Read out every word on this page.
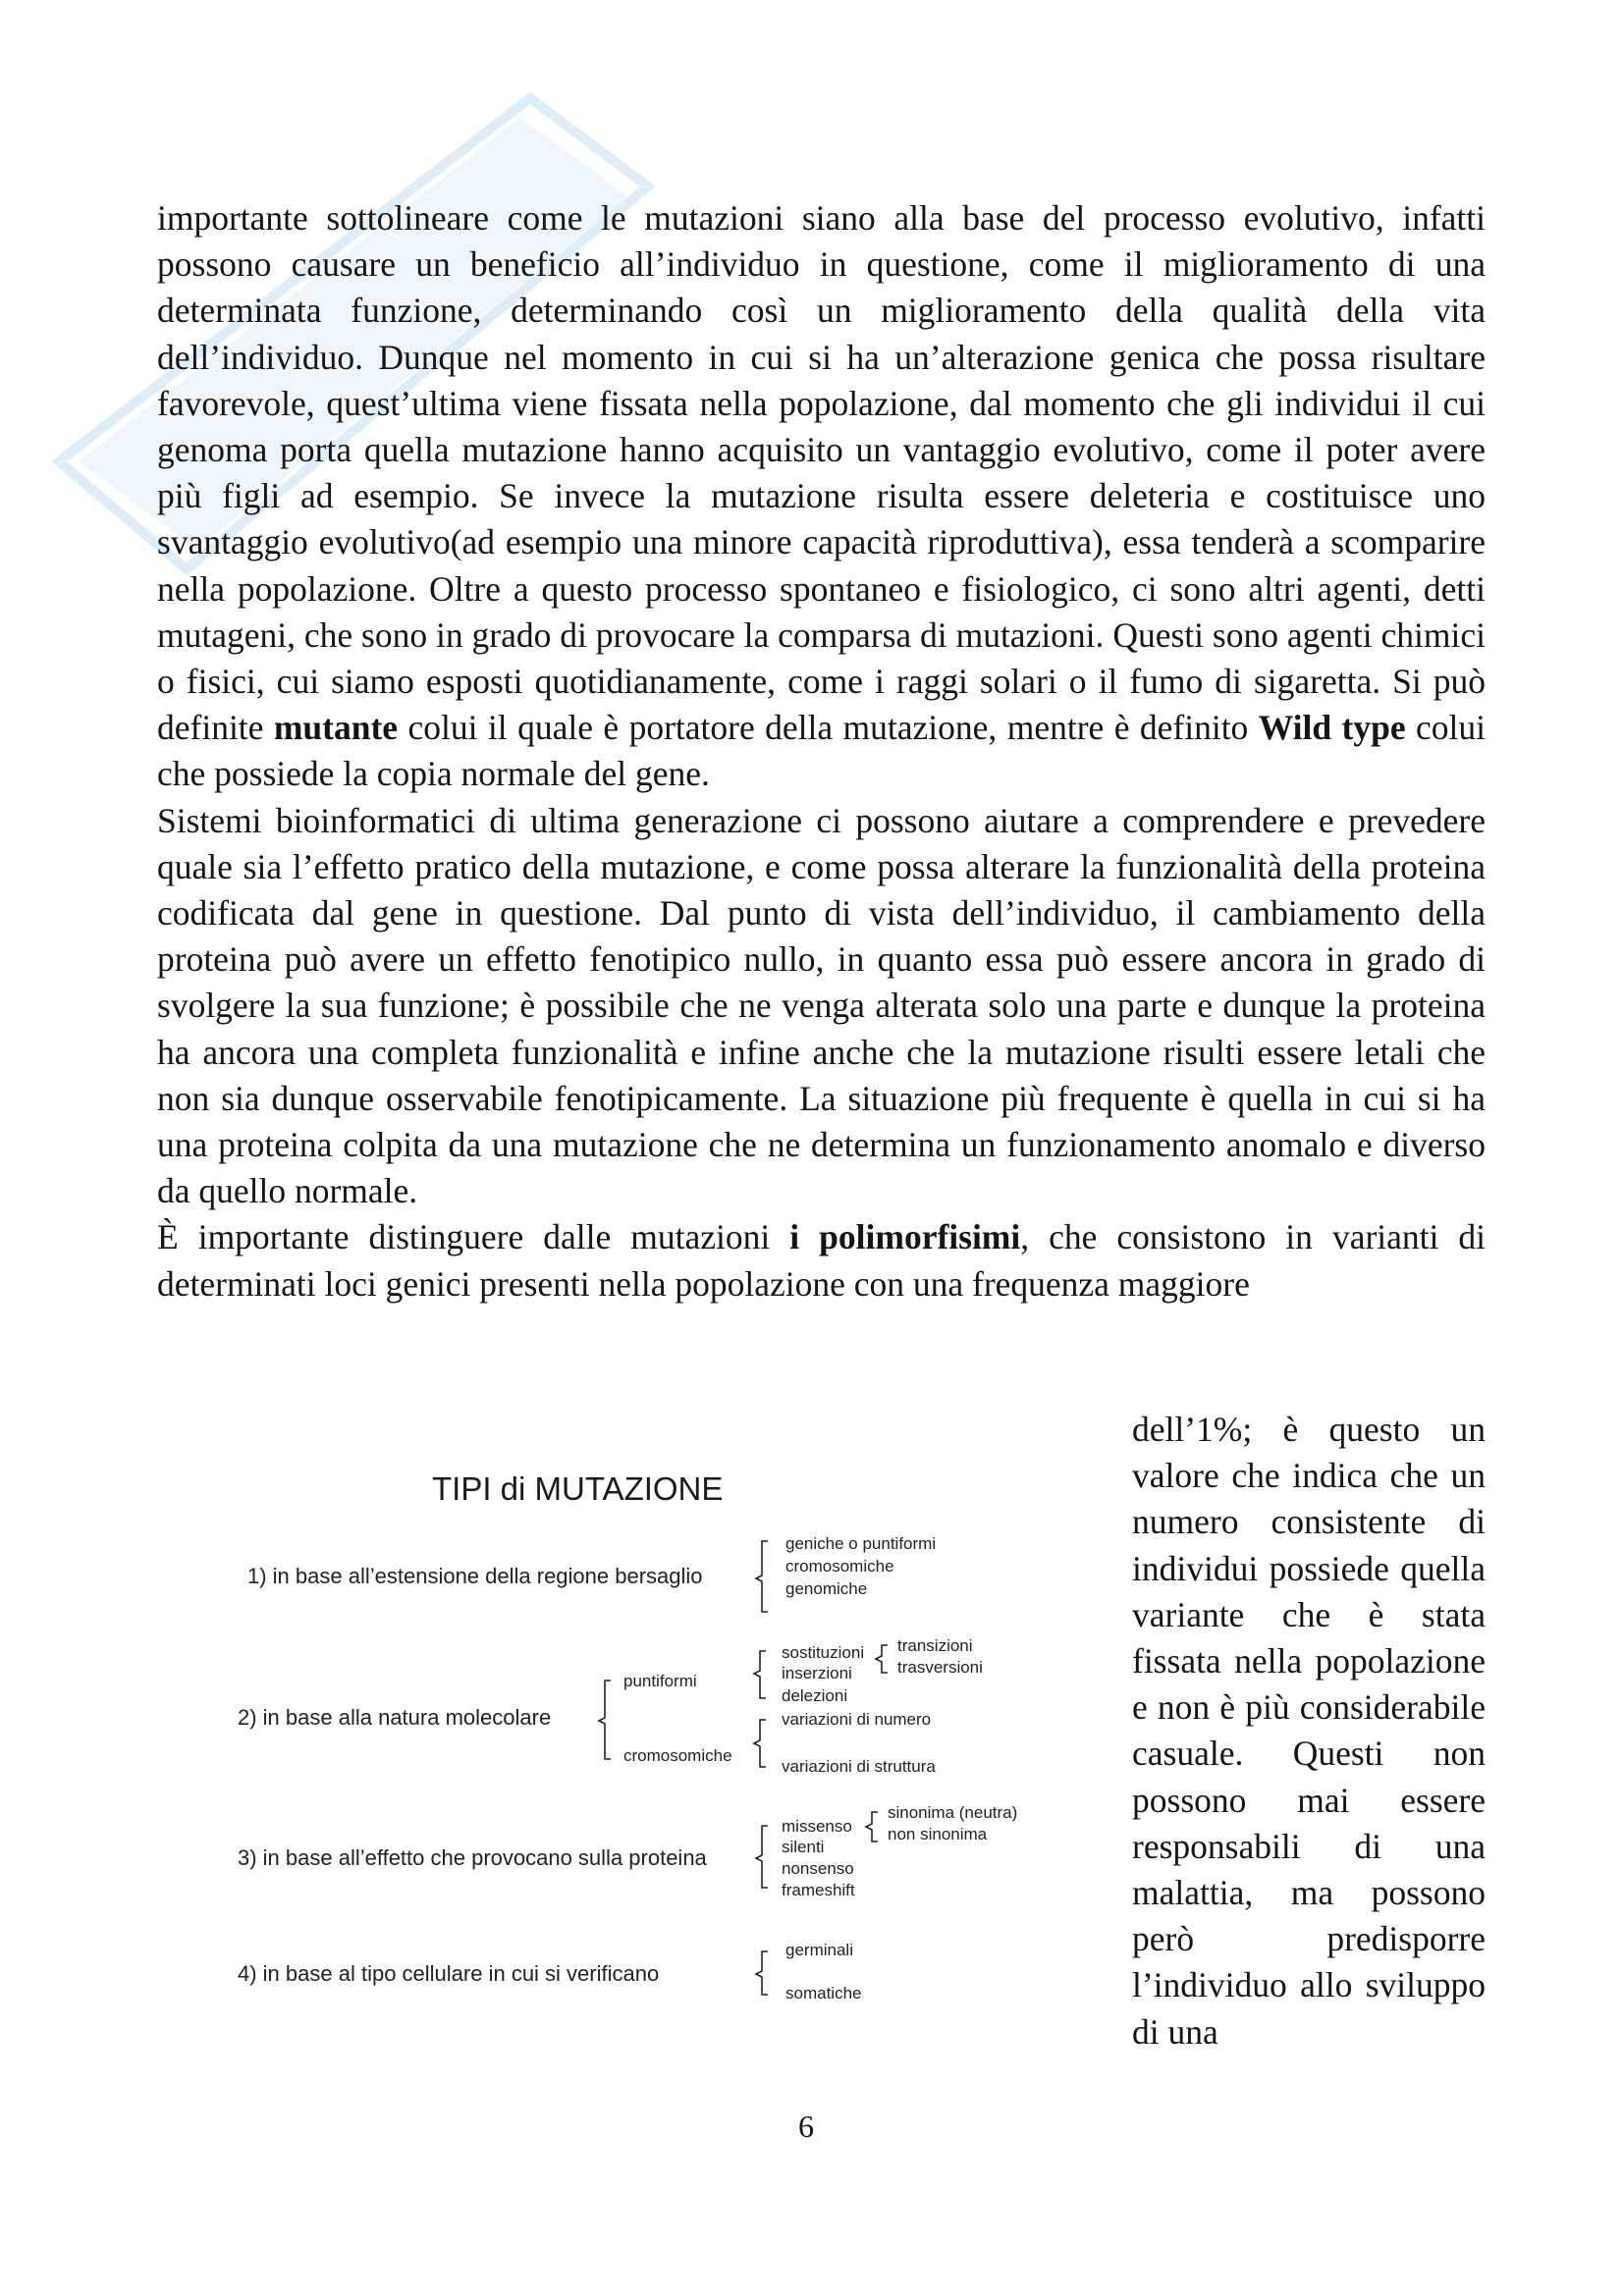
importante sottolineare come le mutazioni siano alla base del processo evolutivo, infatti possono causare un beneficio all’individuo in questione, come il miglioramento di una determinata funzione, determinando così un miglioramento della qualità della vita dell’individuo. Dunque nel momento in cui si ha un’alterazione genica che possa risultare favorevole, quest’ultima viene fissata nella popolazione, dal momento che gli individui il cui genoma porta quella mutazione hanno acquisito un vantaggio evolutivo, come il poter avere più figli ad esempio. Se invece la mutazione risulta essere deleteria e costituisce uno svantaggio evolutivo(ad esempio una minore capacità riproduttiva), essa tenderà a scomparire nella popolazione. Oltre a questo processo spontaneo e fisiologico, ci sono altri agenti, detti mutageni, che sono in grado di provocare la comparsa di mutazioni. Questi sono agenti chimici o fisici, cui siamo esposti quotidianamente, come i raggi solari o il fumo di sigaretta. Si può definite mutante colui il quale è portatore della mutazione, mentre è definito Wild type colui che possiede la copia normale del gene.

Sistemi bioinformatici di ultima generazione ci possono aiutare a comprendere e prevedere quale sia l’effetto pratico della mutazione, e come possa alterare la funzionalità della proteina codificata dal gene in questione. Dal punto di vista dell’individuo, il cambiamento della proteina può avere un effetto fenotipico nullo, in quanto essa può essere ancora in grado di svolgere la sua funzione; è possibile che ne venga alterata solo una parte e dunque la proteina ha ancora una completa funzionalità e infine anche che la mutazione risulti essere letali che non sia dunque osservabile fenotipicamente. La situazione più frequente è quella in cui si ha una proteina colpita da una mutazione che ne determina un funzionamento anomalo e diverso da quello normale.

È importante distinguere dalle mutazioni i polimorfisimi, che consistono in varianti di determinati loci genici presenti nella popolazione con una frequenza maggiore

dell’1%; è questo un valore che indica che un numero consistente di individui possiede quella variante che è stata fissata nella popolazione e non è più considerabile casuale. Questi non possono mai essere responsabili di una malattia, ma possono però predisporre l’individuo allo sviluppo di una

TIPI di MUTAZIONE
1) in base all’estensione della regione bersaglio
geniche o puntiformi
cromosomiche
genomiche
2) in base alla natura molecolare
puntiformi
sostituzioni
inserzioni
delezioni
transizioni
trasversioni
cromosomiche
variazioni di numero
variazioni di struttura
3) in base all’effetto che provocano sulla proteina
missenso
silenti
nonsenso
frameshift
sinonima (neutra)
non sinonima
4) in base al tipo cellulare in cui si verificano
germinali
somatiche
6
